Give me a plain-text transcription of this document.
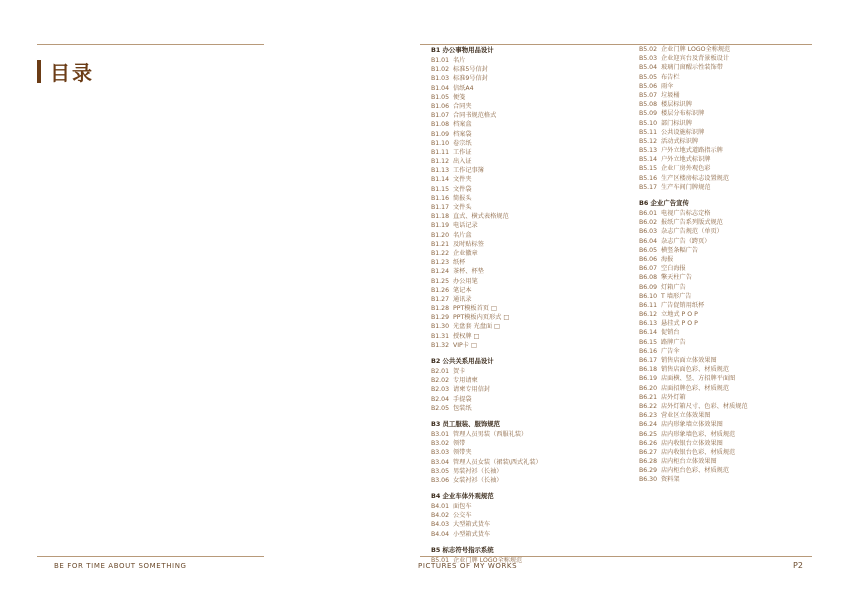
目录
B1 办公事物用品设计
B1.01 名片
B1.02 标准5号信封
B1.03 标准9号信封
B1.04 信纸A4
B1.05 便笺
B1.06 合同夹
B1.07 合同书规范格式
B1.08 档案盒
B1.09 档案袋
B1.10 卷宗纸
B1.11 工作证
B1.12 出入证
B1.13 工作记事簿
B1.14 文件夹
B1.15 文件袋
B1.16 简报头
B1.17 文件头
B1.18 直式、横式表格规范
B1.19 电话记录
B1.20 名片盒
B1.21 及时贴标签
B1.22 企业徽章
B1.23 纸杯
B1.24 茶杯、杯垫
B1.25 办公用笔
B1.26 笔记本
B1.27 通讯录
B1.28 PPT模板首页 □
B1.29 PPT模板内页形式 □
B1.30 光盘套 光盘面 □
B1.31 授权牌 □
B1.32 VIP卡 □
B2 公共关系用品设计
B2.01 贺卡
B2.02 专用请柬
B2.03 请柬专用信封
B2.04 手提袋
B2.05 包装纸
B3 员工服装、服饰规范
B3.01 管理人员男装（西服礼装）
B3.02 领带
B3.03 领带夹
B3.04 管理人员女装（裙装\西式礼装）
B3.05 男装衬衫（长袖）
B3.06 女装衬衫（长袖）
B4 企业车体外观规范
B4.01 面包车
B4.02 公交车
B4.03 大型箱式货车
B4.04 小型箱式货车
B5 标志符号指示系统
B5.01 企业门牌 LOGO全称规范
B5.02 企业门牌 LOGO全称规范
B5.03 企业迎宾台及背景板设计
B5.04 玻璃门窗醒示性装饰带
B5.05 布告栏
B5.06 雨伞
B5.07 垃圾桶
B5.08 楼层标识牌
B5.09 楼层分布标识牌
B5.10 部门标识牌
B5.11 公共设施标识牌
B5.12 活动式标识牌
B5.13 户外立地式道路指示牌
B5.14 户外立地式标识牌
B5.15 企业厂房外观色彩
B5.16 生产区楼房标志设置规范
B5.17 生产车间门牌规范
B6 企业广告宣传
B6.01 电视广告标志定格
B6.02 报纸广告系列版式规范
B6.03 杂志广告规范（单页）
B6.04 杂志广告（跨页）
B6.05 横竖条幅广告
B6.06 海报
B6.07 空白海报
B6.08 擎天柱广告
B6.09 灯箱广告
B6.10 T 墙形广告
B6.11 广告促销用纸杯
B6.12 立地式 P O P
B6.13 悬挂式 P O P
B6.14 促销台
B6.15 路牌广告
B6.16 广告伞
B6.17 销售店面立体效果图
B6.18 销售店面色彩、材质规范
B6.19 店面横、竖、方招牌平面图
B6.20 店面招牌色彩、材质规范
B6.21 店外灯箱
B6.22 店外灯箱尺寸、色彩、材质规范
B6.23 营业区立体效果图
B6.24 店内形象墙立体效果图
B6.25 店内形象墙色彩、材质规范
B6.26 店内收银台立体效果图
B6.27 店内收银台色彩、材质规范
B6.28 店内柜台立体效果图
B6.29 店内柜台色彩、材质规范
B6.30 资料架
BE FOR TIME ABOUT SOMETHING	PICTURES OF MY WORKS	P2
